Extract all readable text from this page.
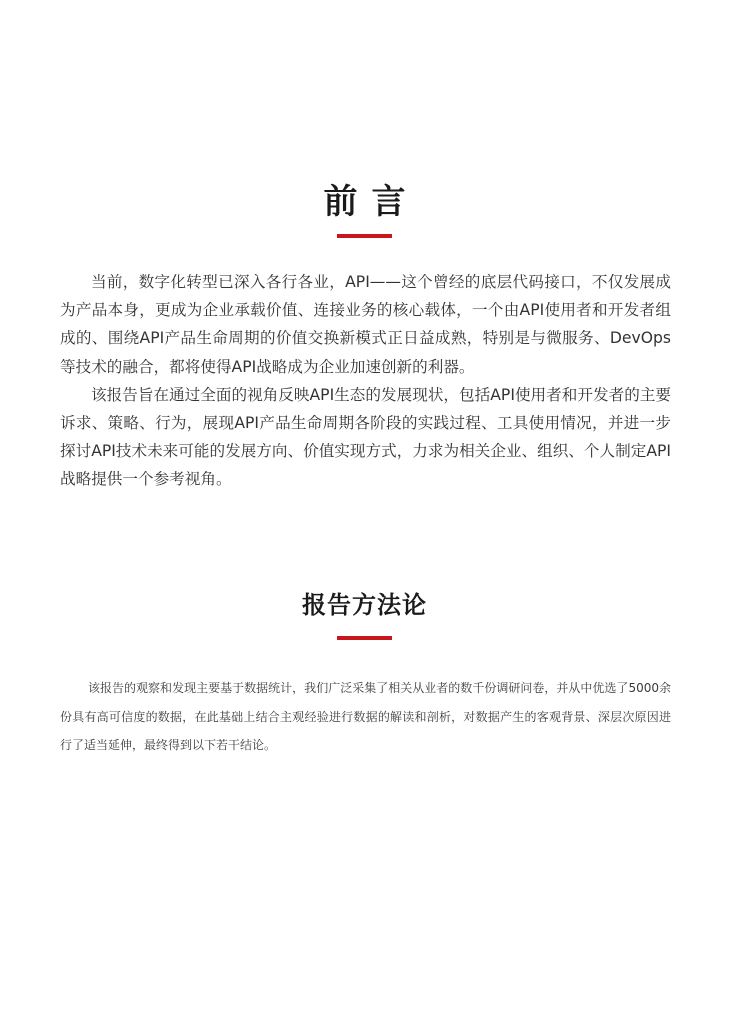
前言

当前，数字化转型已深入各行各业，API——这个曾经的底层代码接口，不仅发展成为产品本身，更成为企业承载价值、连接业务的核心载体，一个由API使用者和开发者组成的、围绕API产品生命周期的价值交换新模式正日益成熟，特别是与微服务、DevOps等技术的融合，都将使得API战略成为企业加速创新的利器。

该报告旨在通过全面的视角反映API生态的发展现状，包括API使用者和开发者的主要诉求、策略、行为，展现API产品生命周期各阶段的实践过程、工具使用情况，并进一步探讨API技术未来可能的发展方向、价值实现方式，力求为相关企业、组织、个人制定API战略提供一个参考视角。

报告方法论

该报告的观察和发现主要基于数据统计，我们广泛采集了相关从业者的数千份调研问卷，并从中优选了5000余份具有高可信度的数据，在此基础上结合主观经验进行数据的解读和剖析，对数据产生的客观背景、深层次原因进行了适当延伸，最终得到以下若干结论。
